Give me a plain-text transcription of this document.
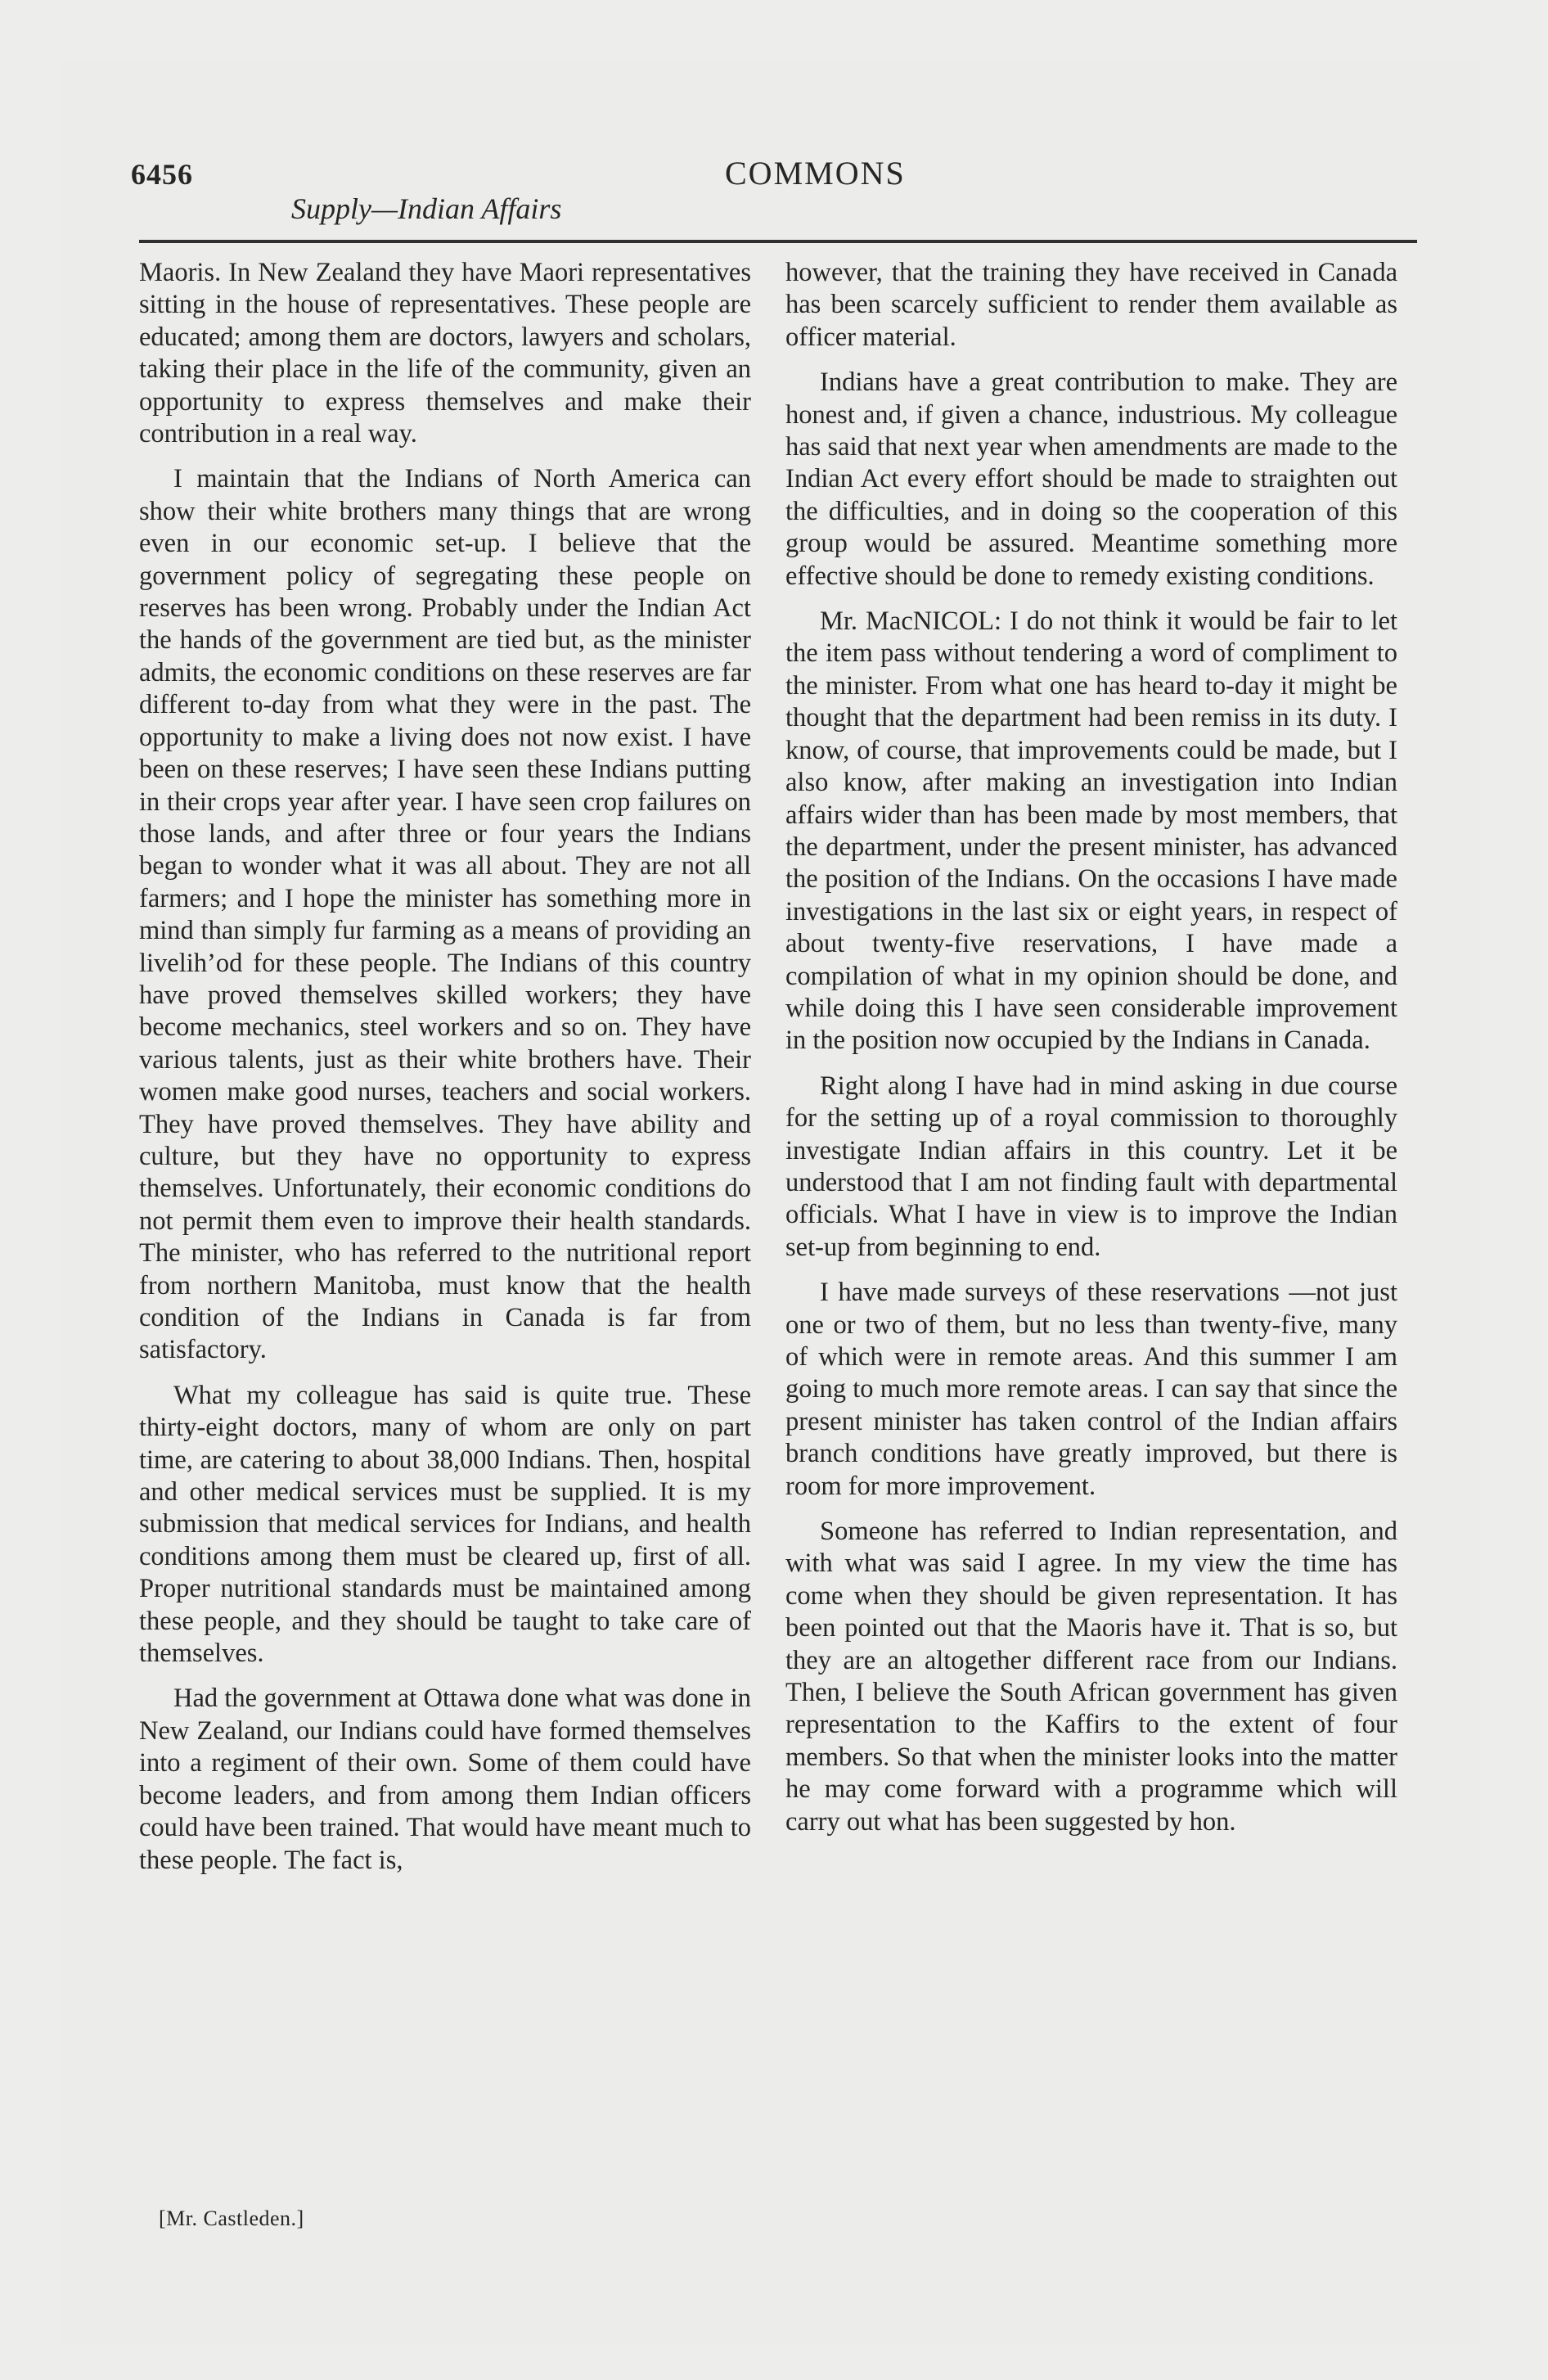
6456	COMMONS
Supply—Indian Affairs

Maoris. In New Zealand they have Maori representatives sitting in the house of representatives. These people are educated; among them are doctors, lawyers and scholars, taking their place in the life of the community, given an opportunity to express themselves and make their contribution in a real way.

I maintain that the Indians of North America can show their white brothers many things that are wrong even in our economic set-up. I believe that the government policy of segregating these people on reserves has been wrong. Probably under the Indian Act the hands of the government are tied but, as the minister admits, the economic conditions on these reserves are far different to-day from what they were in the past. The opportunity to make a living does not now exist. I have been on these reserves; I have seen these Indians putting in their crops year after year. I have seen crop failures on those lands, and after three or four years the Indians began to wonder what it was all about. They are not all farmers; and I hope the minister has something more in mind than simply fur farming as a means of providing an livelih’od for these people. The Indians of this country have proved themselves skilled workers; they have become mechanics, steel workers and so on. They have various talents, just as their white brothers have. Their women make good nurses, teachers and social workers. They have proved themselves. They have ability and culture, but they have no opportunity to express themselves. Unfortunately, their economic conditions do not permit them even to improve their health standards. The minister, who has referred to the nutritional report from northern Manitoba, must know that the health condition of the Indians in Canada is far from satisfactory.

What my colleague has said is quite true. These thirty-eight doctors, many of whom are only on part time, are catering to about 38,000 Indians. Then, hospital and other medical services must be supplied. It is my submission that medical services for Indians, and health conditions among them must be cleared up, first of all. Proper nutritional standards must be maintained among these people, and they should be taught to take care of themselves.

Had the government at Ottawa done what was done in New Zealand, our Indians could have formed themselves into a regiment of their own. Some of them could have become leaders, and from among them Indian officers could have been trained. That would have meant much to these people. The fact is,

however, that the training they have received in Canada has been scarcely sufficient to render them available as officer material.

Indians have a great contribution to make. They are honest and, if given a chance, industrious. My colleague has said that next year when amendments are made to the Indian Act every effort should be made to straighten out the difficulties, and in doing so the cooperation of this group would be assured. Meantime something more effective should be done to remedy existing conditions.

Mr. MacNICOL: I do not think it would be fair to let the item pass without tendering a word of compliment to the minister. From what one has heard to-day it might be thought that the department had been remiss in its duty. I know, of course, that improvements could be made, but I also know, after making an investigation into Indian affairs wider than has been made by most members, that the department, under the present minister, has advanced the position of the Indians. On the occasions I have made investigations in the last six or eight years, in respect of about twenty-five reservations, I have made a compilation of what in my opinion should be done, and while doing this I have seen considerable improvement in the position now occupied by the Indians in Canada.

Right along I have had in mind asking in due course for the setting up of a royal commission to thoroughly investigate Indian affairs in this country. Let it be understood that I am not finding fault with departmental officials. What I have in view is to improve the Indian set-up from beginning to end.

I have made surveys of these reservations —not just one or two of them, but no less than twenty-five, many of which were in remote areas. And this summer I am going to much more remote areas. I can say that since the present minister has taken control of the Indian affairs branch conditions have greatly improved, but there is room for more improvement.

Someone has referred to Indian representation, and with what was said I agree. In my view the time has come when they should be given representation. It has been pointed out that the Maoris have it. That is so, but they are an altogether different race from our Indians. Then, I believe the South African government has given representation to the Kaffirs to the extent of four members. So that when the minister looks into the matter he may come forward with a programme which will carry out what has been suggested by hon.

[Mr. Castleden.]
